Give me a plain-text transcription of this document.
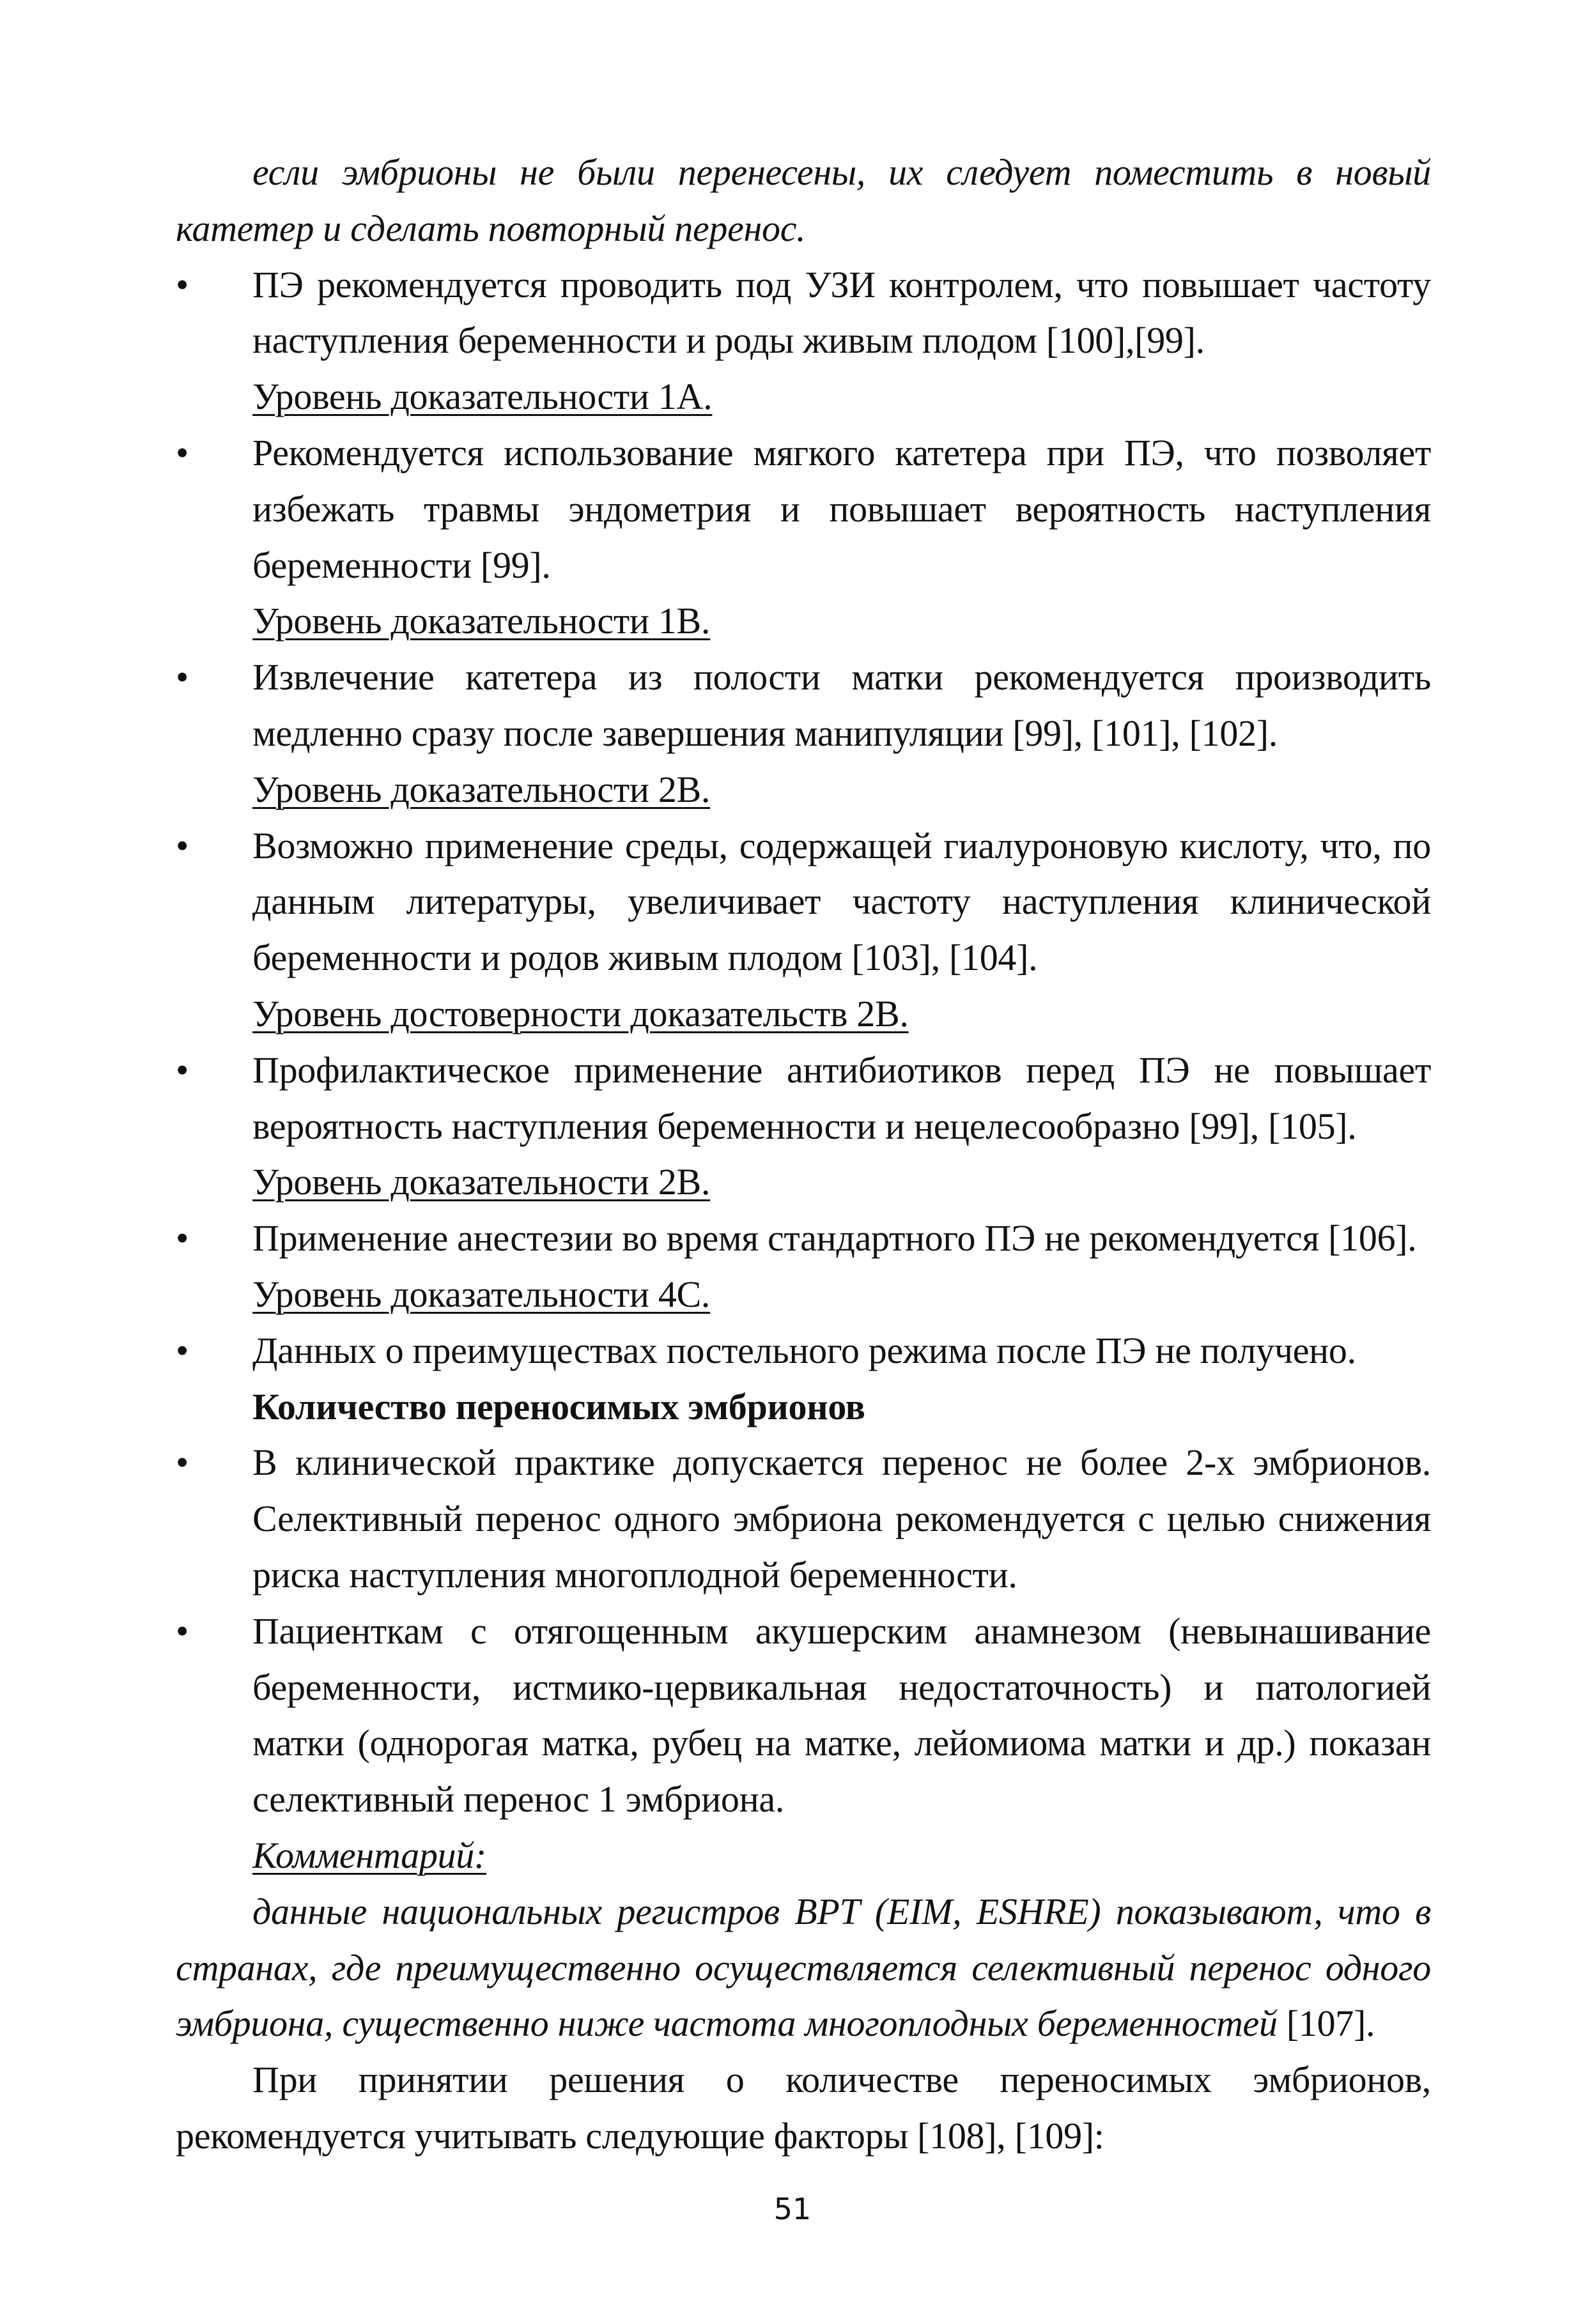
если эмбрионы не были перенесены, их следует поместить в новый катетер и сделать повторный перенос.

• ПЭ рекомендуется проводить под УЗИ контролем, что повышает частоту наступления беременности и роды живым плодом [100],[99].
Уровень доказательности 1А.
• Рекомендуется использование мягкого катетера при ПЭ, что позволяет избежать травмы эндометрия и повышает вероятность наступления беременности [99].
Уровень доказательности 1В.
• Извлечение катетера из полости матки рекомендуется производить медленно сразу после завершения манипуляции [99], [101], [102].
Уровень доказательности 2В.
• Возможно применение среды, содержащей гиалуроновую кислоту, что, по данным литературы, увеличивает частоту наступления клинической беременности и родов живым плодом [103], [104].
Уровень достоверности доказательств 2В.
• Профилактическое применение антибиотиков перед ПЭ не повышает вероятность наступления беременности и нецелесообразно [99], [105].
Уровень доказательности 2В.
• Применение анестезии во время стандартного ПЭ не рекомендуется [106].
Уровень доказательности 4С.
• Данных о преимуществах постельного режима после ПЭ не получено.
Количество переносимых эмбрионов
• В клинической практике допускается перенос не более 2-х эмбрионов. Селективный перенос одного эмбриона рекомендуется с целью снижения риска наступления многоплодной беременности.
• Пациенткам с отягощенным акушерским анамнезом (невынашивание беременности, истмико-цервикальная недостаточность) и патологией матки (однорогая матка, рубец на матке, лейомиома матки и др.) показан селективный перенос 1 эмбриона.
Комментарий:

данные национальных регистров ВРТ (EIM, ESHRE) показывают, что в странах, где преимущественно осуществляется селективный перенос одного эмбриона, существенно ниже частота многоплодных беременностей [107].

При принятии решения о количестве переносимых эмбрионов, рекомендуется учитывать следующие факторы [108], [109]:

51
